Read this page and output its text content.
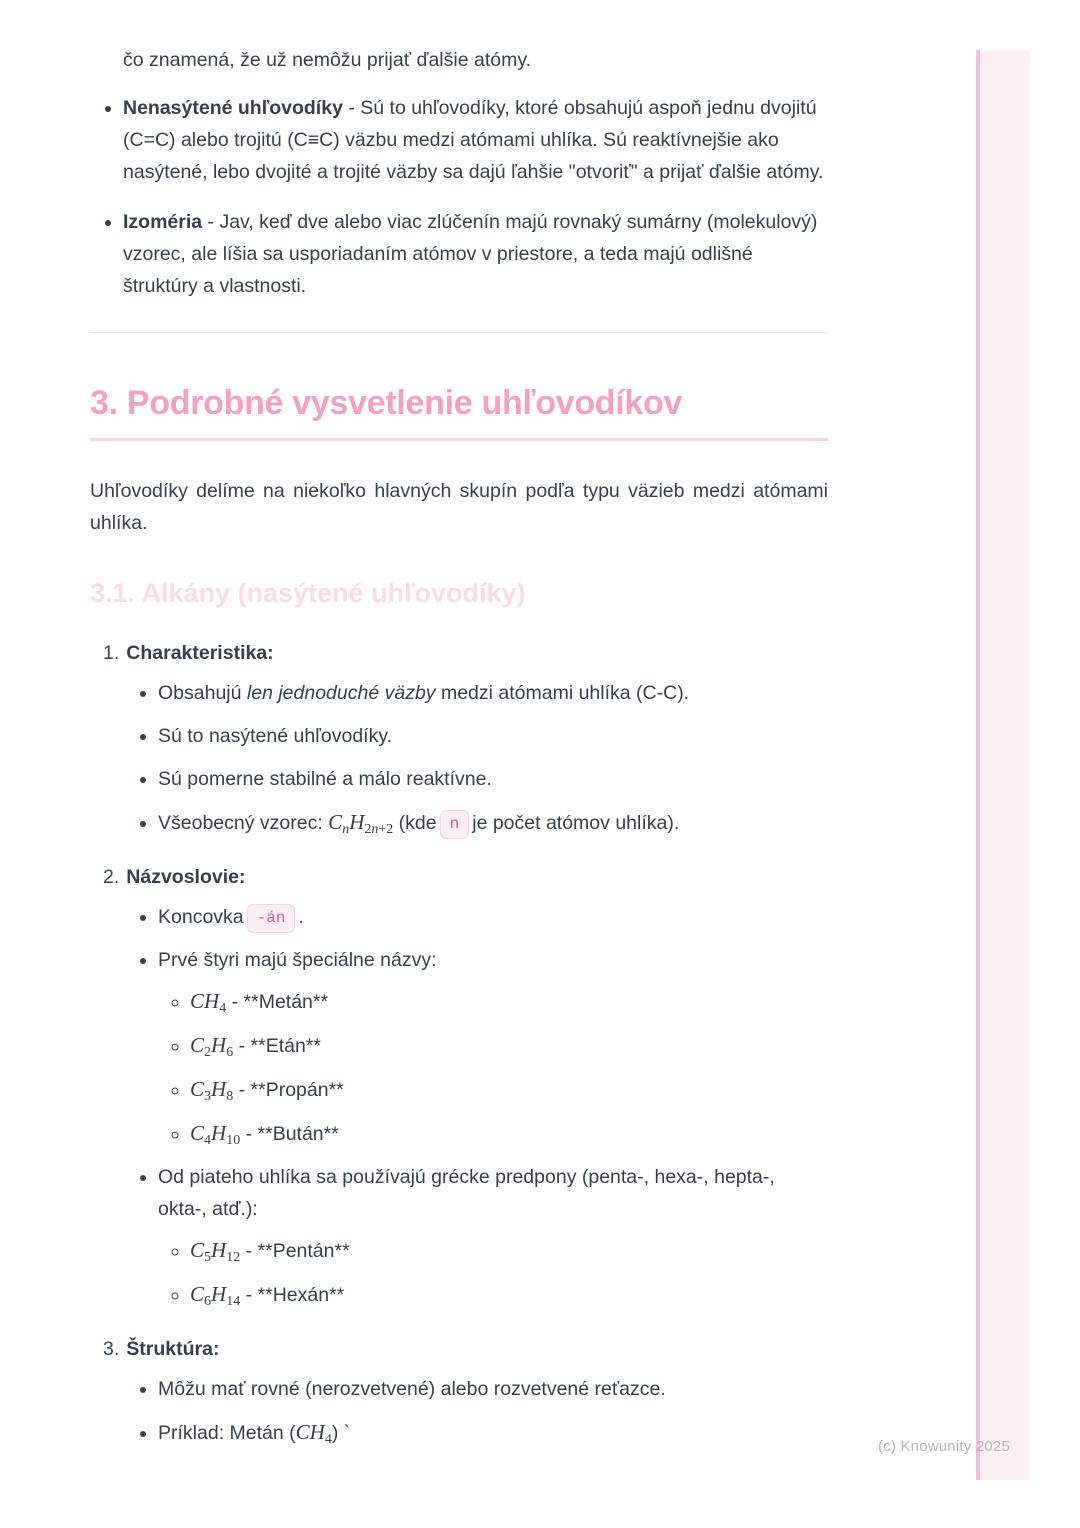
(c) Knowunity 2025

čo znamená, že už nemôžu prijať ďalšie atómy.

• Nenasýtené uhľovodíky - Sú to uhľovodíky, ktoré obsahujú aspoň jednu dvojitú (C=C) alebo trojitú (C≡C) väzbu medzi atómami uhlíka. Sú reaktívnejšie ako nasýtené, lebo dvojité a trojité väzby sa dajú ľahšie "otvoriť" a prijať ďalšie atómy.
• Izoméria - Jav, keď dve alebo viac zlúčenín majú rovnaký sumárny (molekulový) vzorec, ale líšia sa usporiadaním atómov v priestore, a teda majú odlišné štruktúry a vlastnosti.
3. Podrobné vysvetlenie uhľovodíkov

Uhľovodíky delíme na niekoľko hlavných skupín podľa typu väzieb medzi atómami uhlíka.

3.1. Alkány (nasýtené uhľovodíky)
1. Charakteristika:
• Obsahujú len jednoduché väzby medzi atómami uhlíka (C-C).
• Sú to nasýtené uhľovodíky.
• Sú pomerne stabilné a málo reaktívne.
• Všeobecný vzorec: $C_nH_{2n+2}$ (kde n je počet atómov uhlíka).
2. Názvoslovie:
• Koncovka -án .
• Prvé štyri majú špeciálne názvy:
◦ $CH_4$ - **Metán**
◦ $C_2H_6$ - **Etán**
◦ $C_3H_8$ - **Propán**
◦ $C_4H_{10}$ - **Bután**
• Od piateho uhlíka sa používajú grécke predpony (penta-, hexa-, hepta-, okta-, atď.):
◦ $C_5H_{12}$ - **Pentán**
◦ $C_6H_{14}$ - **Hexán**
3. Štruktúra:
• Môžu mať rovné (nerozvetvené) alebo rozvetvené reťazce.
• Príklad: Metán $(CH_4)$ `
